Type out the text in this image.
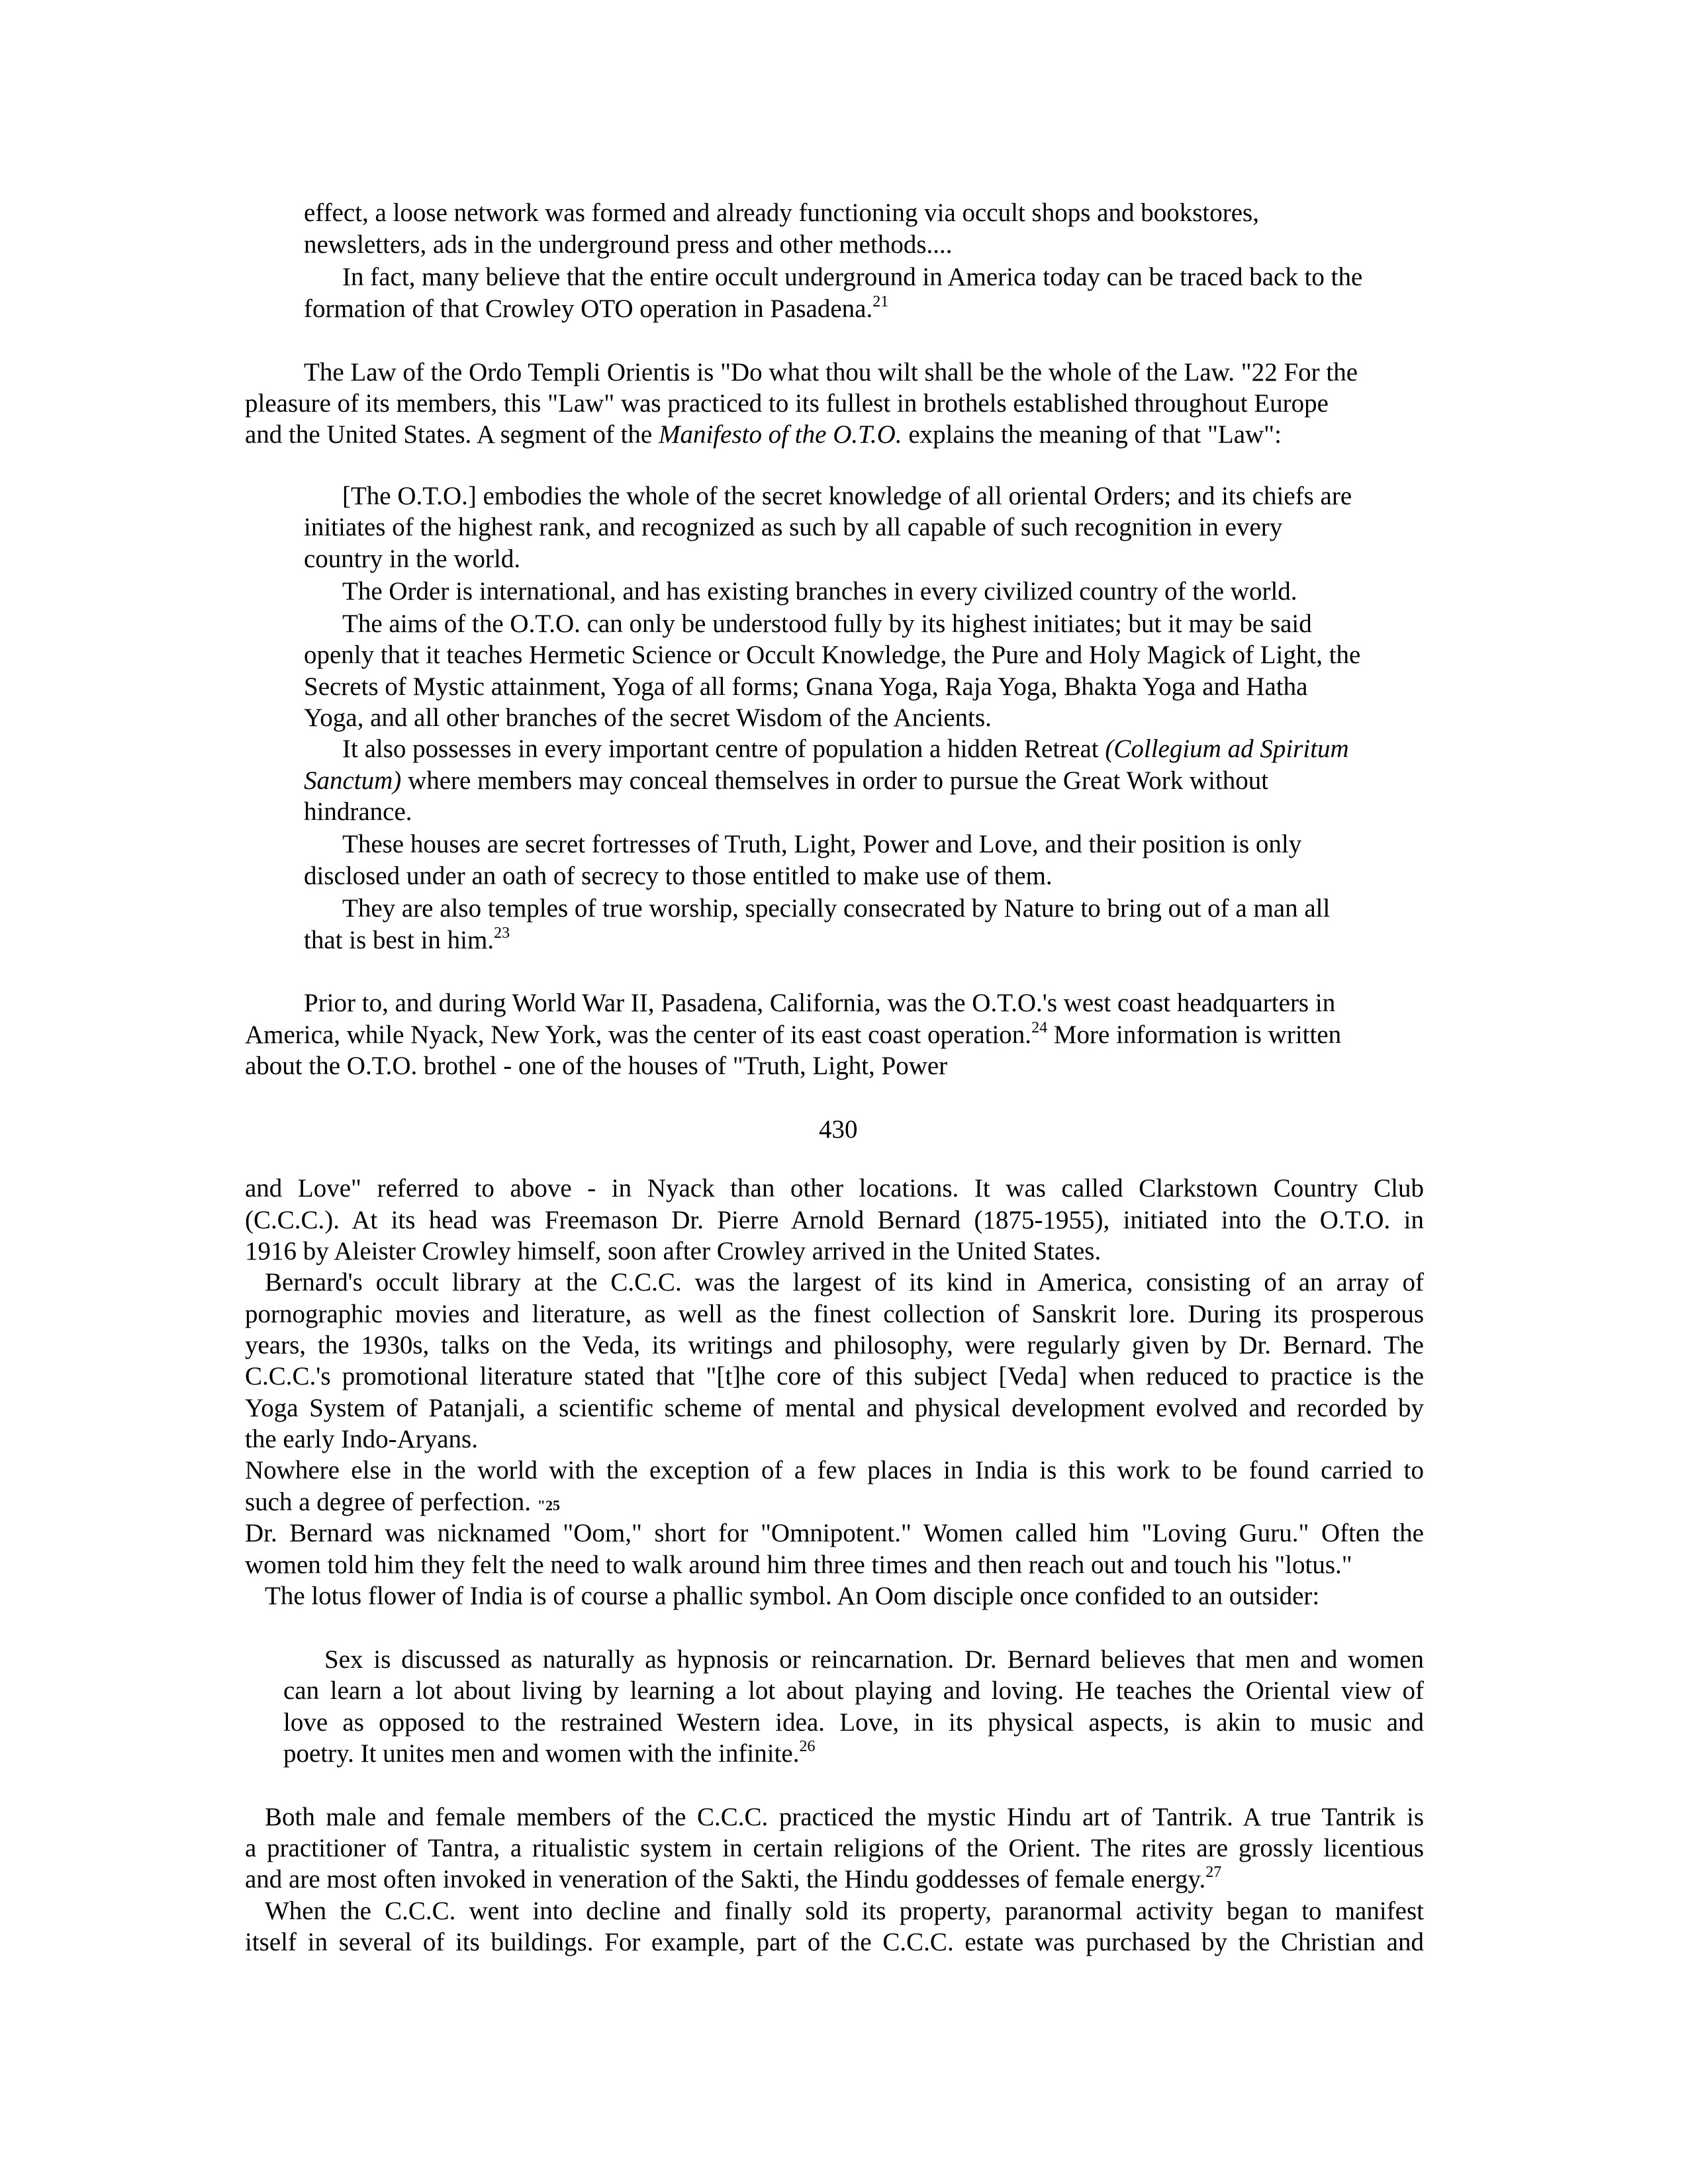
effect, a loose network was formed and already functioning via occult shops and bookstores,
newsletters, ads in the underground press and other methods....
In fact, many believe that the entire occult underground in America today can be traced back to the
formation of that Crowley OTO operation in Pasadena.$^{21}$
The Law of the Ordo Templi Orientis is "Do what thou wilt shall be the whole of the Law. "22 For the
pleasure of its members, this "Law" was practiced to its fullest in brothels established throughout Europe
and the United States. A segment of the Manifesto of the O.T.O. explains the meaning of that "Law":
[The O.T.O.] embodies the whole of the secret knowledge of all oriental Orders; and its chiefs are
initiates of the highest rank, and recognized as such by all capable of such recognition in every
country in the world.
The Order is international, and has existing branches in every civilized country of the world.
The aims of the O.T.O. can only be understood fully by its highest initiates; but it may be said
openly that it teaches Hermetic Science or Occult Knowledge, the Pure and Holy Magick of Light, the
Secrets of Mystic attainment, Yoga of all forms; Gnana Yoga, Raja Yoga, Bhakta Yoga and Hatha
Yoga, and all other branches of the secret Wisdom of the Ancients.
It also possesses in every important centre of population a hidden Retreat (Collegium ad Spiritum
Sanctum) where members may conceal themselves in order to pursue the Great Work without
hindrance.
These houses are secret fortresses of Truth, Light, Power and Love, and their position is only
disclosed under an oath of secrecy to those entitled to make use of them.
They are also temples of true worship, specially consecrated by Nature to bring out of a man all
that is best in him.$^{23}$
Prior to, and during World War II, Pasadena, California, was the O.T.O.'s west coast headquarters in
America, while Nyack, New York, was the center of its east coast operation.$^{24}$ More information is written
about the O.T.O. brothel - one of the houses of "Truth, Light, Power
430
and Love" referred to above - in Nyack than other locations. It was called Clarkstown Country Club
(C.C.C.). At its head was Freemason Dr. Pierre Arnold Bernard (1875-1955), initiated into the O.T.O. in
1916 by Aleister Crowley himself, soon after Crowley arrived in the United States.
Bernard's occult library at the C.C.C. was the largest of its kind in America, consisting of an array of
pornographic movies and literature, as well as the finest collection of Sanskrit lore. During its prosperous
years, the 1930s, talks on the Veda, its writings and philosophy, were regularly given by Dr. Bernard. The
C.C.C.'s promotional literature stated that "[t]he core of this subject [Veda] when reduced to practice is the
Yoga System of Patanjali, a scientific scheme of mental and physical development evolved and recorded by
the early Indo-Aryans.
Nowhere else in the world with the exception of a few places in India is this work to be found carried to
such a degree of perfection. "25
Dr. Bernard was nicknamed "Oom," short for "Omnipotent." Women called him "Loving Guru." Often the
women told him they felt the need to walk around him three times and then reach out and touch his "lotus."
The lotus flower of India is of course a phallic symbol. An Oom disciple once confided to an outsider:
Sex is discussed as naturally as hypnosis or reincarnation. Dr. Bernard believes that men and women
can learn a lot about living by learning a lot about playing and loving. He teaches the Oriental view of
love as opposed to the restrained Western idea. Love, in its physical aspects, is akin to music and
poetry. It unites men and women with the infinite.$^{26}$
Both male and female members of the C.C.C. practiced the mystic Hindu art of Tantrik. A true Tantrik is
a practitioner of Tantra, a ritualistic system in certain religions of the Orient. The rites are grossly licentious
and are most often invoked in veneration of the Sakti, the Hindu goddesses of female energy.$^{27}$
When the C.C.C. went into decline and finally sold its property, paranormal activity began to manifest
itself in several of its buildings. For example, part of the C.C.C. estate was purchased by the Christian and
